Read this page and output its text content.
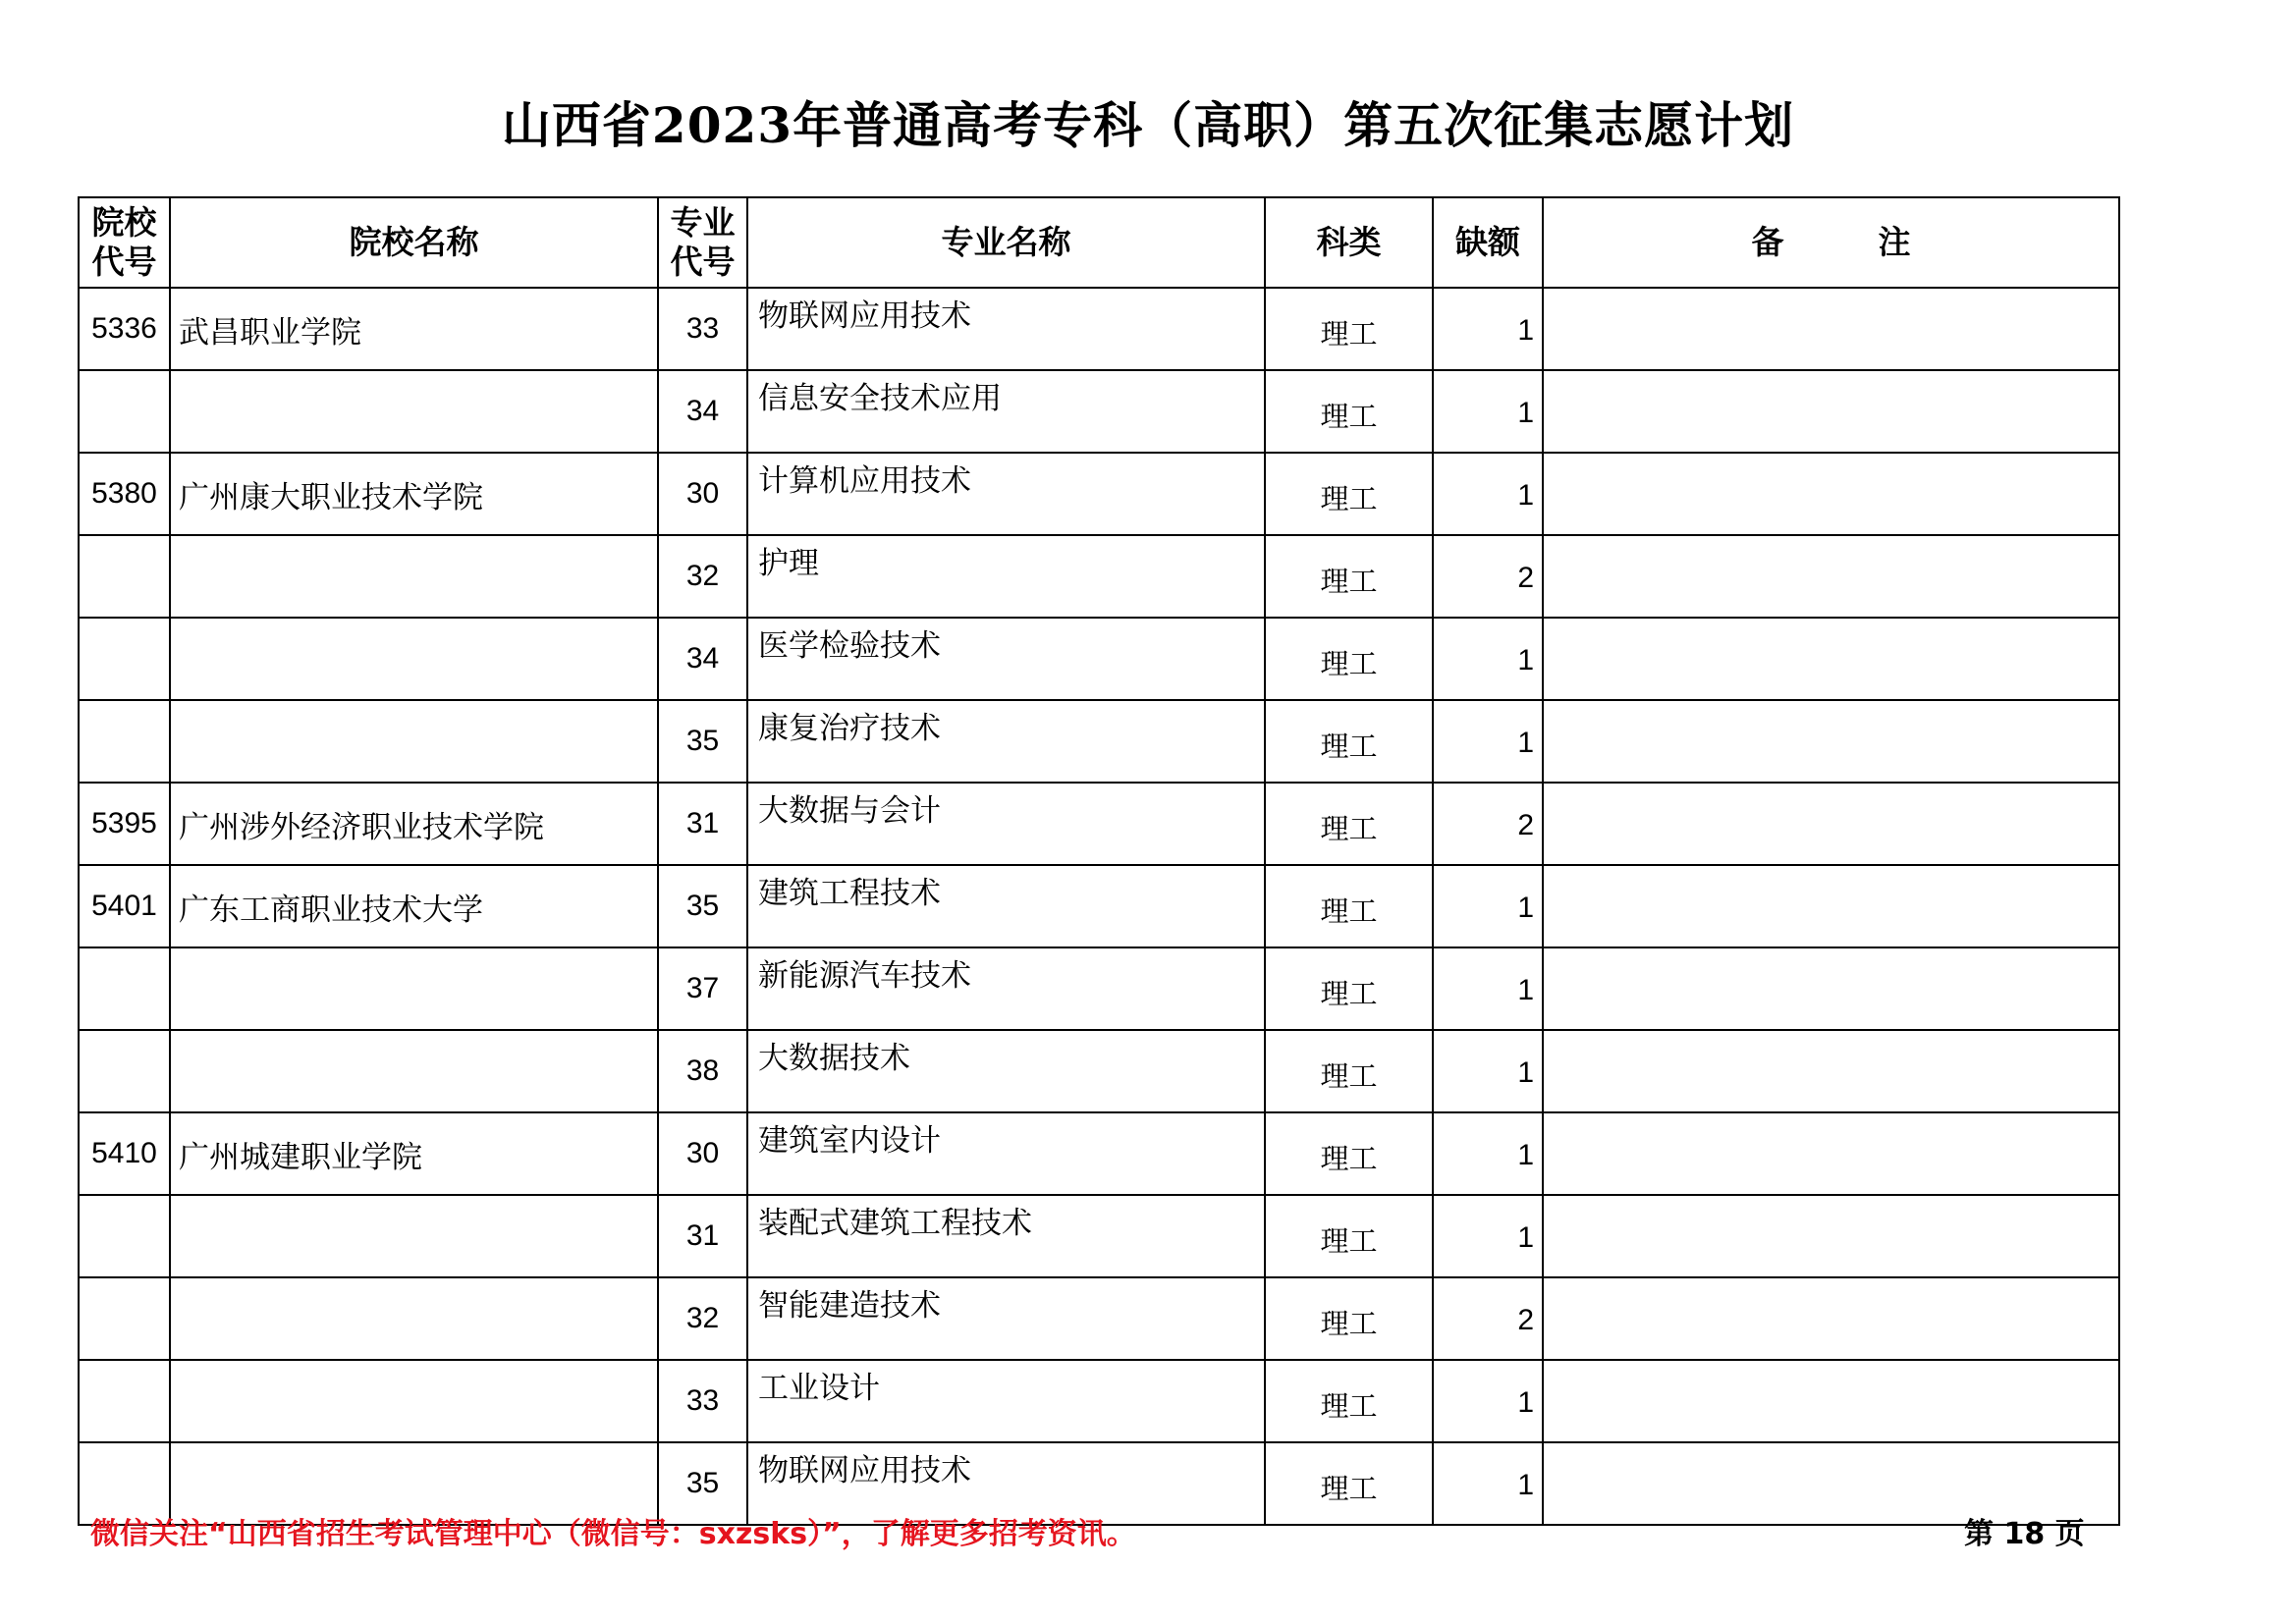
山西省2023年普通高考专科（高职）第五次征集志愿计划
院校
代号	院校名称	专业
代号	专业名称	科类	缺额	备 注
5336	武昌职业学院	33	物联网应用技术	理工	1	
		34	信息安全技术应用	理工	1	
5380	广州康大职业技术学院	30	计算机应用技术	理工	1	
		32	护理	理工	2	
		34	医学检验技术	理工	1	
		35	康复治疗技术	理工	1	
5395	广州涉外经济职业技术学院	31	大数据与会计	理工	2	
5401	广东工商职业技术大学	35	建筑工程技术	理工	1	
		37	新能源汽车技术	理工	1	
		38	大数据技术	理工	1	
5410	广州城建职业学院	30	建筑室内设计	理工	1	
		31	装配式建筑工程技术	理工	1	
		32	智能建造技术	理工	2	
		33	工业设计	理工	1	
		35	物联网应用技术	理工	1	
微信关注“山西省招生考试管理中心（微信号：sxzsks）”，了解更多招考资讯。	第 18 页
